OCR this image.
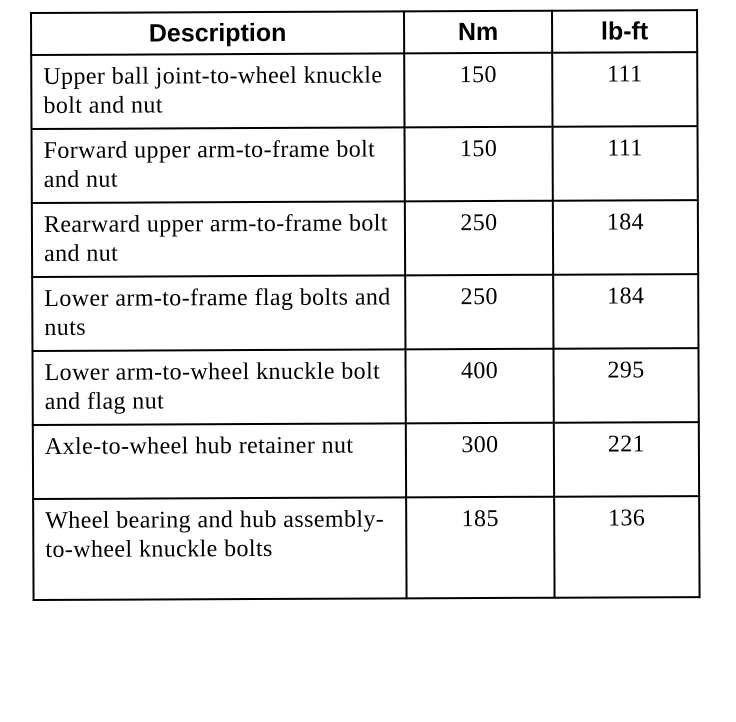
Description	Nm	lb-ft
Upper ball joint-to-wheel knuckle bolt and nut	150	111
Forward upper arm-to-frame bolt and nut	150	111
Rearward upper arm-to-frame bolt and nut	250	184
Lower arm-to-frame flag bolts and nuts	250	184
Lower arm-to-wheel knuckle bolt and flag nut	400	295
Axle-to-wheel hub retainer nut	300	221
Wheel bearing and hub assembly-to-wheel knuckle bolts	185	136
